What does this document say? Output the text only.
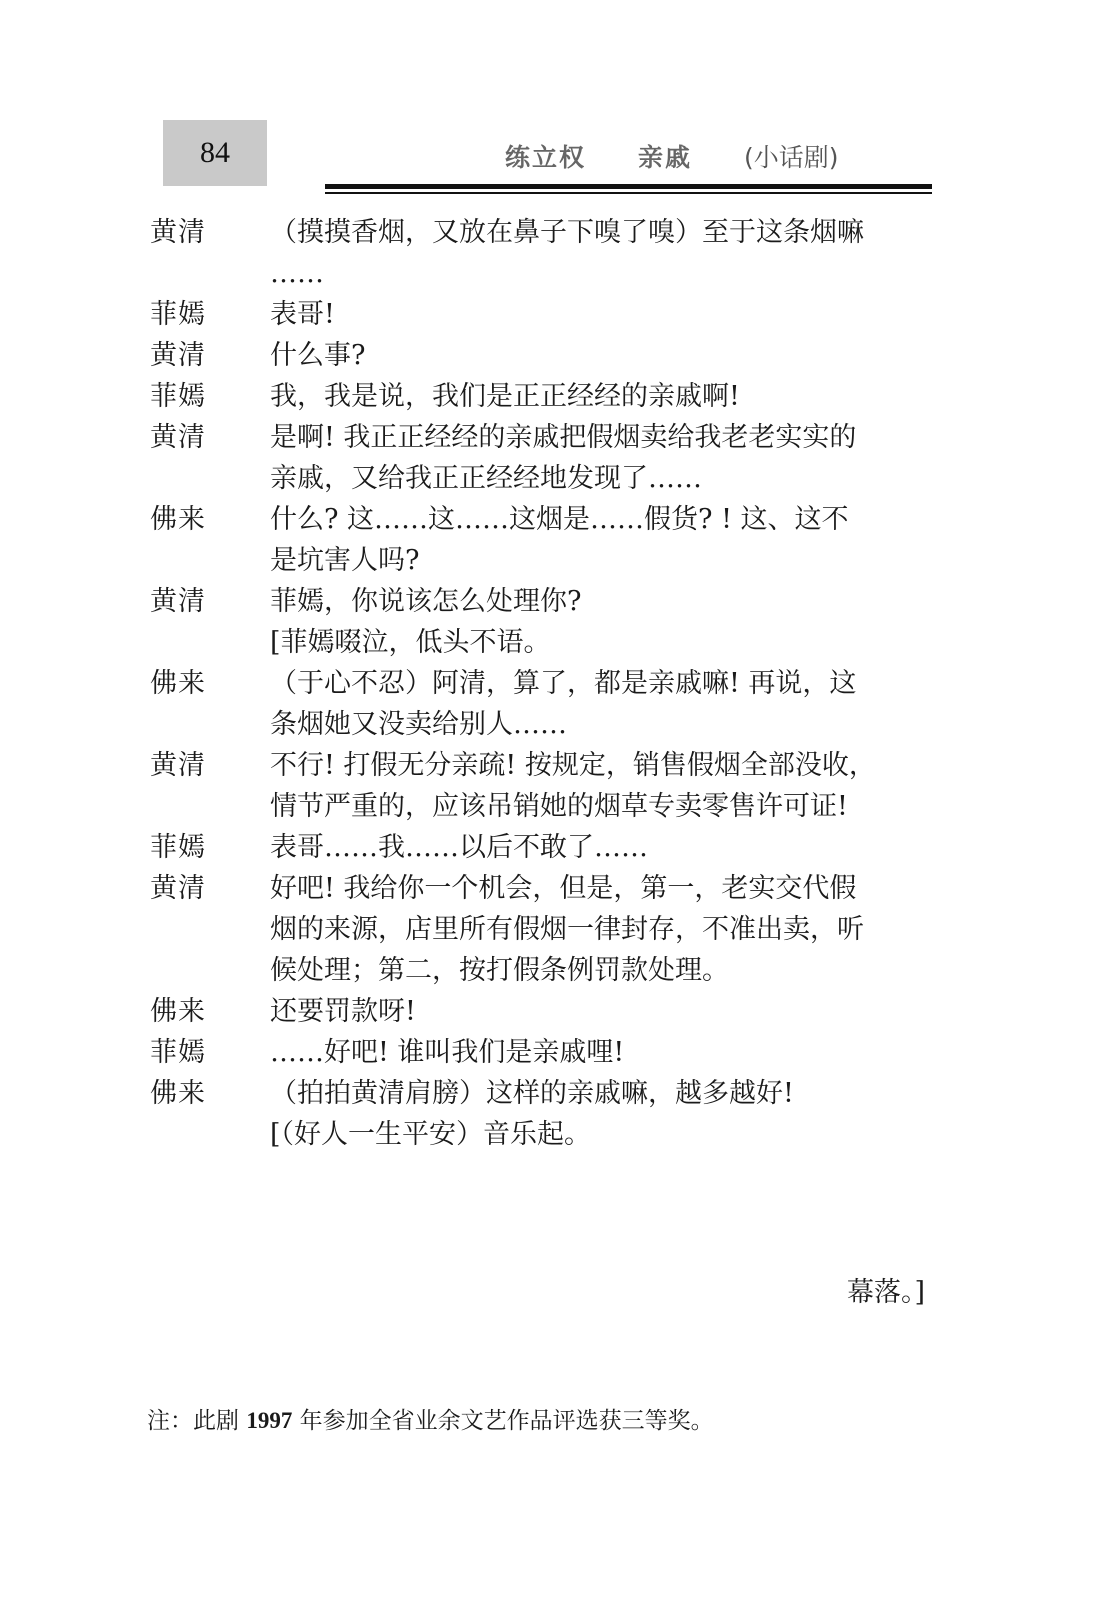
84	练立权 亲戚 (小话剧)
黄清	（摸摸香烟，又放在鼻子下嗅了嗅）至于这条烟嘛
……
菲嫣	表哥!
黄清	什么事?
菲嫣	我，我是说，我们是正正经经的亲戚啊!
黄清	是啊! 我正正经经的亲戚把假烟卖给我老老实实的
亲戚，又给我正正经经地发现了……
佛来	什么? 这……这……这烟是……假货? ! 这、这不
是坑害人吗?
黄清	菲嫣，你说该怎么处理你?
[菲嫣啜泣，低头不语。
佛来	（于心不忍）阿清，算了，都是亲戚嘛! 再说，这
条烟她又没卖给别人……
黄清	不行! 打假无分亲疏! 按规定，销售假烟全部没收，
情节严重的，应该吊销她的烟草专卖零售许可证!
菲嫣	表哥……我……以后不敢了……
黄清	好吧! 我给你一个机会，但是，第一，老实交代假
烟的来源，店里所有假烟一律封存，不准出卖，听
候处理；第二，按打假条例罚款处理。
佛来	还要罚款呀!
菲嫣	……好吧! 谁叫我们是亲戚哩!
佛来	（拍拍黄清肩膀）这样的亲戚嘛，越多越好!
[（好人一生平安）音乐起。
幕落。]
注：此剧 1997 年参加全省业余文艺作品评选获三等奖。
